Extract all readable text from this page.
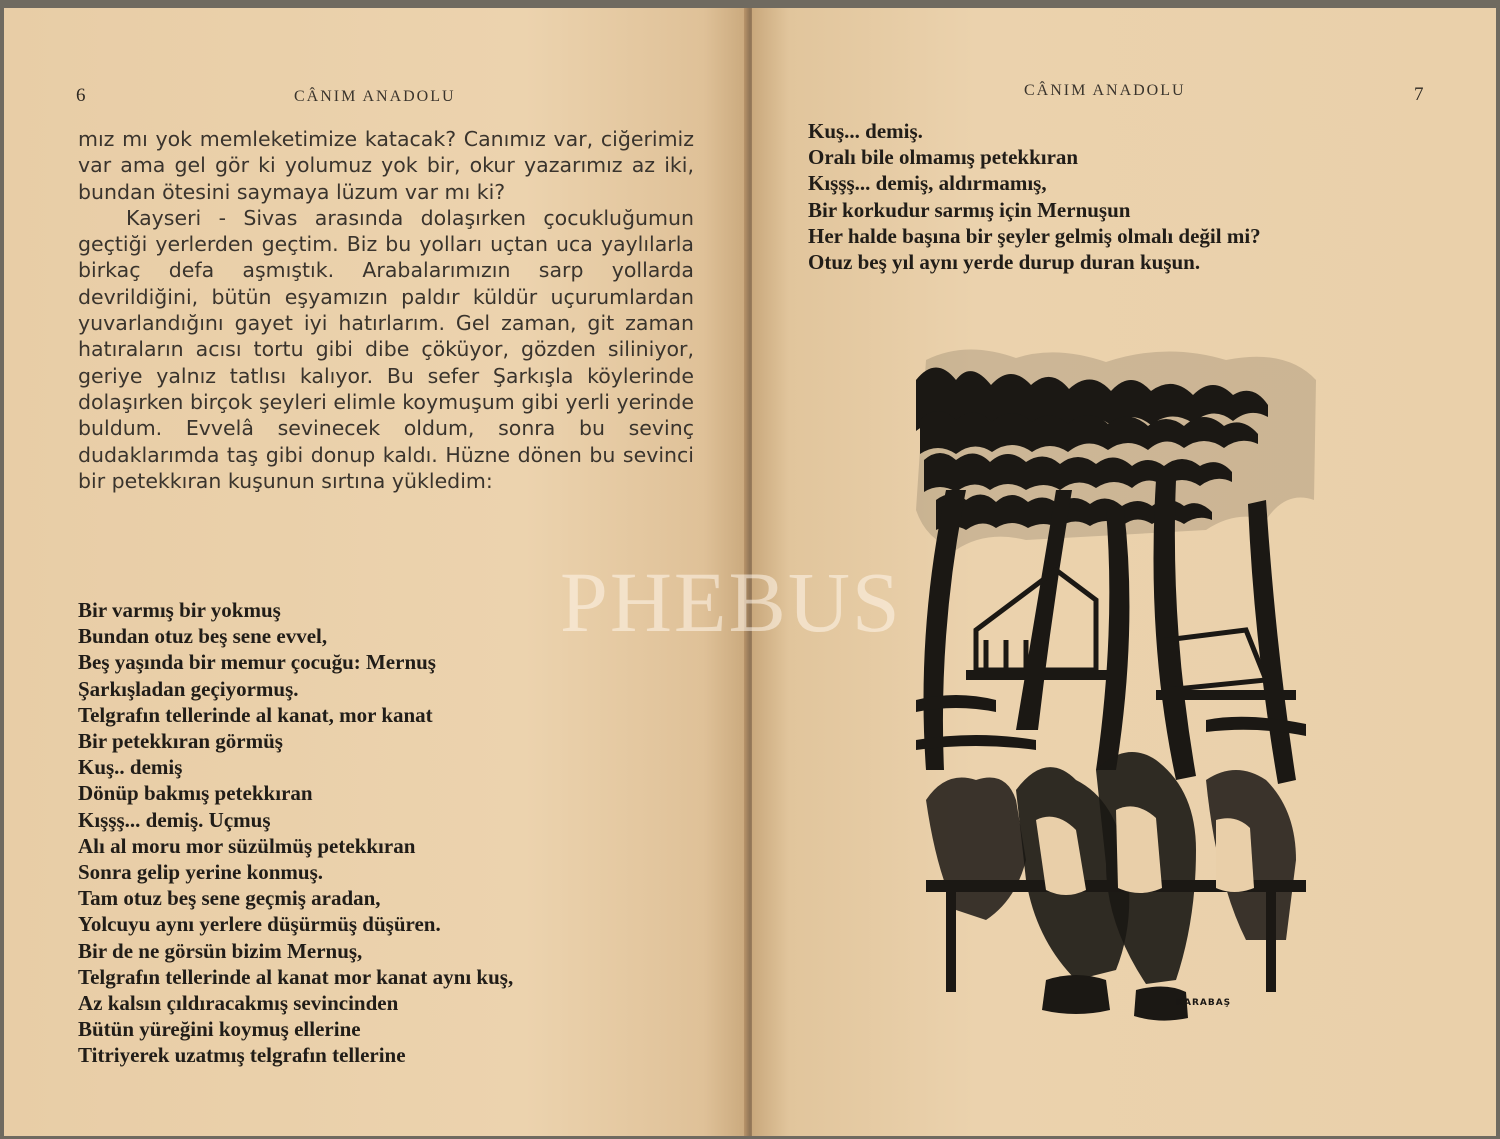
6	CÂNIM ANADOLU

mız mı yok memleketimize katacak? Canımız var, ciğerimiz var ama gel gör ki yolumuz yok bir, okur yazarımız az iki, bundan ötesini saymaya lüzum var mı ki?

Kayseri - Sivas arasında dolaşırken çocukluğumun geçtiği yerlerden geçtim. Biz bu yolları uçtan uca yaylılarla birkaç defa aşmıştık. Arabalarımızın sarp yollarda devrildiğini, bütün eşyamızın paldır küldür uçurumlardan yuvarlandığını gayet iyi hatırlarım. Gel zaman, git zaman hatıraların acısı tortu gibi dibe çöküyor, gözden siliniyor, geriye yalnız tatlısı kalıyor. Bu sefer Şarkışla köylerinde dolaşırken birçok şeyleri elimle koymuşum gibi yerli yerinde buldum. Evvelâ sevinecek oldum, sonra bu sevinç dudaklarımda taş gibi donup kaldı. Hüzne dönen bu sevinci bir petekkıran kuşunun sırtına yükledim:

Bir varmış bir yokmuş
Bundan otuz beş sene evvel,
Beş yaşında bir memur çocuğu: Mernuş
Şarkışladan geçiyormuş.
Telgrafın tellerinde al kanat, mor kanat
Bir petekkıran görmüş
Kuş.. demiş
Dönüp bakmış petekkıran
Kışşş... demiş. Uçmuş
Alı al moru mor süzülmüş petekkıran
Sonra gelip yerine konmuş.
Tam otuz beş sene geçmiş aradan,
Yolcuyu aynı yerlere düşürmüş düşüren.
Bir de ne görsün bizim Mernuş,
Telgrafın tellerinde al kanat mor kanat aynı kuş,
Az kalsın çıldıracakmış sevincinden
Bütün yüreğini koymuş ellerine
Titriyerek uzatmış telgrafın tellerine
CÂNIM ANADOLU	7
Kuş... demiş.
Oralı bile olmamış petekkıran
Kışşş... demiş, aldırmamış,
Bir korkudur sarmış için Mernuşun
Her halde başına bir şeyler gelmiş olmalı değil mi?
Otuz beş yıl aynı yerde durup duran kuşun.
KARABAŞ
PHEBUS
